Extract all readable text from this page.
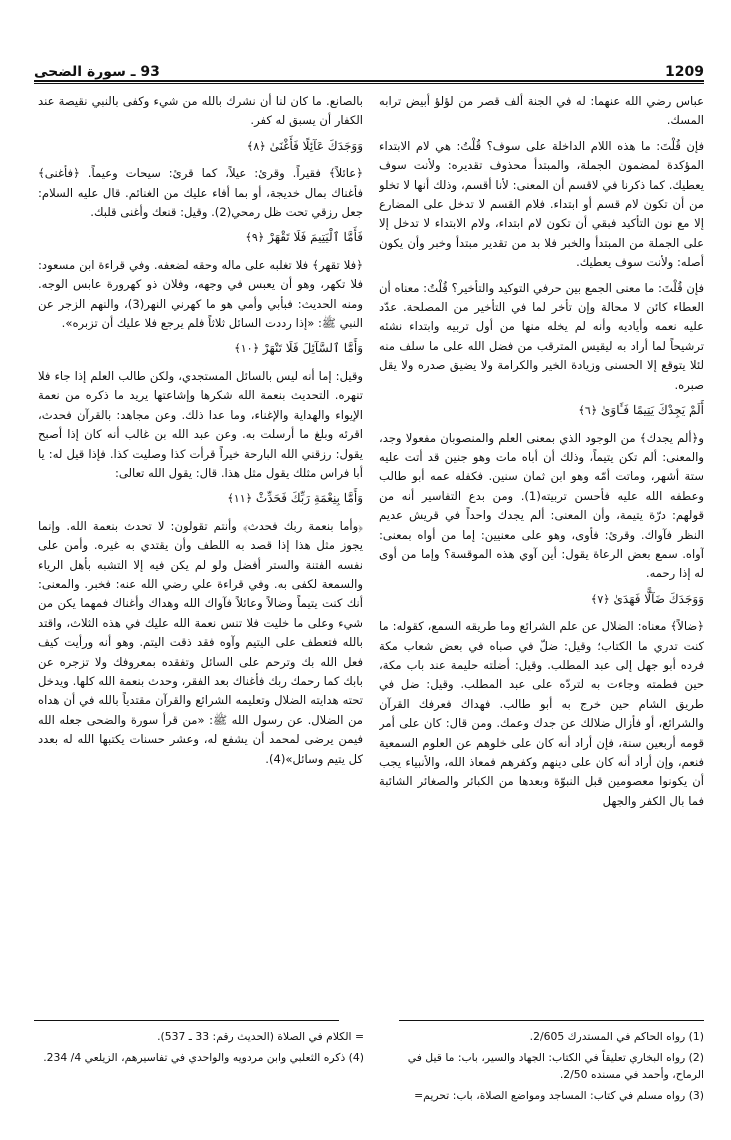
93 ـ سورة الضحى	1209

عباس رضي الله عنهما: له في الجنة ألف قصر من لؤلؤ أبيض ترابه المسك.

فإن قُلْتَ: ما هذه اللام الداخلة على سوف؟ قُلْتُ: هي لام الابتداء المؤكدة لمضمون الجملة، والمبتدأ محذوف تقديره: ولأنت سوف يعطيك. كما ذكرنا في لاقسم أن المعنى: لأنا أقسم، وذلك أنها لا تخلو من أن تكون لام قسم أو ابتداء. فلام القسم لا تدخل على المضارع إلا مع نون التأكيد فبقي أن تكون لام ابتداء، ولام الابتداء لا تدخل إلا على الجملة من المبتدأ والخبر فلا بد من تقدير مبتدأ وخبر وأن يكون أصله: ولأنت سوف يعطيك.

فإن قُلْتَ: ما معنى الجمع بين حرفي التوكيد والتأخير؟ قُلْتُ: معناه أن العطاء كائن لا محالة وإن تأخر لما في التأخير من المصلحة. عدّد عليه نعمه وأياديه وأنه لم يخله منها من أول تربيه وابتداء نشئه ترشيحاً لما أراد به ليقيس المترقب من فضل الله على ما سلف منه لئلا يتوقع إلا الحسنى وزيادة الخير والكرامة ولا يضيق صدره ولا يقل صبره.

أَلَمْ يَجِدْكَ يَتِيمًا فَـَٔاوَىٰ ﴿٦﴾

و﴿ألم يجدك﴾ من الوجود الذي بمعنى العلم والمنصوبان مفعولا وجد، والمعنى: ألم تكن يتيماً، وذلك أن أباه مات وهو جنين قد أتت عليه ستة أشهر، وماتت أمّه وهو ابن ثمان سنين. فكفله عمه أبو طالب وعطفه الله عليه فأحسن تربيته(1). ومن بدع التفاسير أنه من قولهم: درّة يتيمة، وأن المعنى: ألم يجدك واحداً في قريش عديم النظر فآواك. وقرئ: فأوى، وهو على معنيين: إما من أواه بمعنى: آواه. سمع بعض الرعاة يقول: أين آوي هذه الموقسة؟ وإما من أوى له إذا رحمه.

وَوَجَدَكَ ضَآلًّا فَهَدَىٰ ﴿٧﴾

﴿ضالاً﴾ معناه: الضلال عن علم الشرائع وما طريقه السمع، كقوله: ما كنت تدري ما الكتاب؛ وقيل: ضلّ في صباه في بعض شعاب مكة فرده أبو جهل إلى عبد المطلب. وقيل: أضلته حليمة عند باب مكة، حين فطمته وجاءت به لتردّه على عبد المطلب. وقيل: ضل في طريق الشام حين خرج به أبو طالب. فهداك فعرفك القرآن والشرائع، أو فأزال ضلالك عن جدك وعمك. ومن قال: كان على أمر قومه أربعين سنة، فإن أراد أنه كان على خلوهم عن العلوم السمعية فنعم، وإن أراد أنه كان على دينهم وكفرهم فمعاذ الله، والأنبياء يجب أن يكونوا معصومين قبل النبوّة وبعدها من الكبائر والصغائر الشائبة فما بال الكفر والجهل

بالصانع. ما كان لنا أن نشرك بالله من شيء وكفى بالنبي نقيصة عند الكفار أن يسبق له كفر.

وَوَجَدَكَ عَآئِلًا فَأَغْنَىٰ ﴿٨﴾

﴿عائلاً﴾ فقيراً. وقرئ: عيلاً، كما قرئ: سيحات وعيماً. ﴿فأغنى﴾ فأغناك بمال خديجة، أو بما أفاء عليك من الغنائم. قال عليه السلام: جعل رزقي تحت ظل رمحي(2). وقيل: قنعك وأغنى قلبك.

فَأَمَّا ٱلْيَتِيمَ فَلَا تَقْهَرْ ﴿٩﴾

﴿فلا تقهر﴾ فلا تغلبه على ماله وحقه لضعفه. وفي قراءة ابن مسعود: فلا تكهر، وهو أن يعبس في وجهه، وفلان ذو كهرورة عابس الوجه. ومنه الحديث: فبأبي وأمي هو ما كهرني النهر(3)، والنهم الزجر عن النبي ﷺ: «إذا رددت السائل ثلاثاً فلم يرجع فلا عليك أن تزبره».

وَأَمَّا ٱلسَّآئِلَ فَلَا تَنْهَرْ ﴿١٠﴾

وقيل: إما أنه ليس بالسائل المستجدي، ولكن طالب العلم إذا جاء فلا تنهره. التحديث بنعمة الله شكرها وإشاعتها يريد ما ذكره من نعمة الإيواء والهداية والإغناء، وما عدا ذلك. وعن مجاهد: بالقرآن فحدث، اقرئه وبلغ ما أرسلت به. وعن عبد الله بن غالب أنه كان إذا أصبح يقول: رزقني الله البارحة خيراً قرأت كذا وصليت كذا. فإذا قيل له: يا أبا فراس مثلك يقول مثل هذا. قال: يقول الله تعالى:

وَأَمَّا بِنِعْمَةِ رَبِّكَ فَحَدِّثْ ﴿١١﴾

﴿وأما بنعمة ربك فحدث﴾ وأنتم تقولون: لا تحدث بنعمة الله. وإنما يجوز مثل هذا إذا قصد به اللطف وأن يقتدي به غيره. وأمن على نفسه الفتنة والستر أفضل ولو لم يكن فيه إلا التشبه بأهل الرياء والسمعة لكفى به. وفي قراءة علي رضي الله عنه: فخبر. والمعنى: أنك كنت يتيماً وضالاً وعائلاً فآواك الله وهداك وأغناك فمهما يكن من شيء وعلى ما خليت فلا تنس نعمة الله عليك في هذه الثلاث، واقتد بالله فتعطف على اليتيم وآوه فقد ذقت اليتم. وهو أنه ورأيت كيف فعل الله بك وترحم على السائل وتفقده بمعروفك ولا تزجره عن بابك كما رحمك ربك فأغناك بعد الفقر، وحدث بنعمة الله كلها. ويدخل تحته هدايته الضلال وتعليمه الشرائع والقرآن مقتدياً بالله في أن هداه من الضلال. عن رسول الله ﷺ: «من قرأ سورة والضحى جعله الله فيمن يرضى لمحمد أن يشفع له، وعشر حسنات يكتبها الله له بعدد كل يتيم وسائل»(4).

(1) رواه الحاكم في المستدرك 2/605.
(2) رواه البخاري تعليقاً في الكتاب: الجهاد والسير، باب: ما قيل في الرماح، وأحمد في مسنده 2/50.
(3) رواه مسلم في كتاب: المساجد ومواضع الصلاة، باب: تحريم=
= الكلام في الصلاة (الحديث رقم: 33 ـ 537).
(4) ذكره الثعلبي وابن مردويه والواحدي في تفاسيرهم، الزيلعي 4/ 234.
